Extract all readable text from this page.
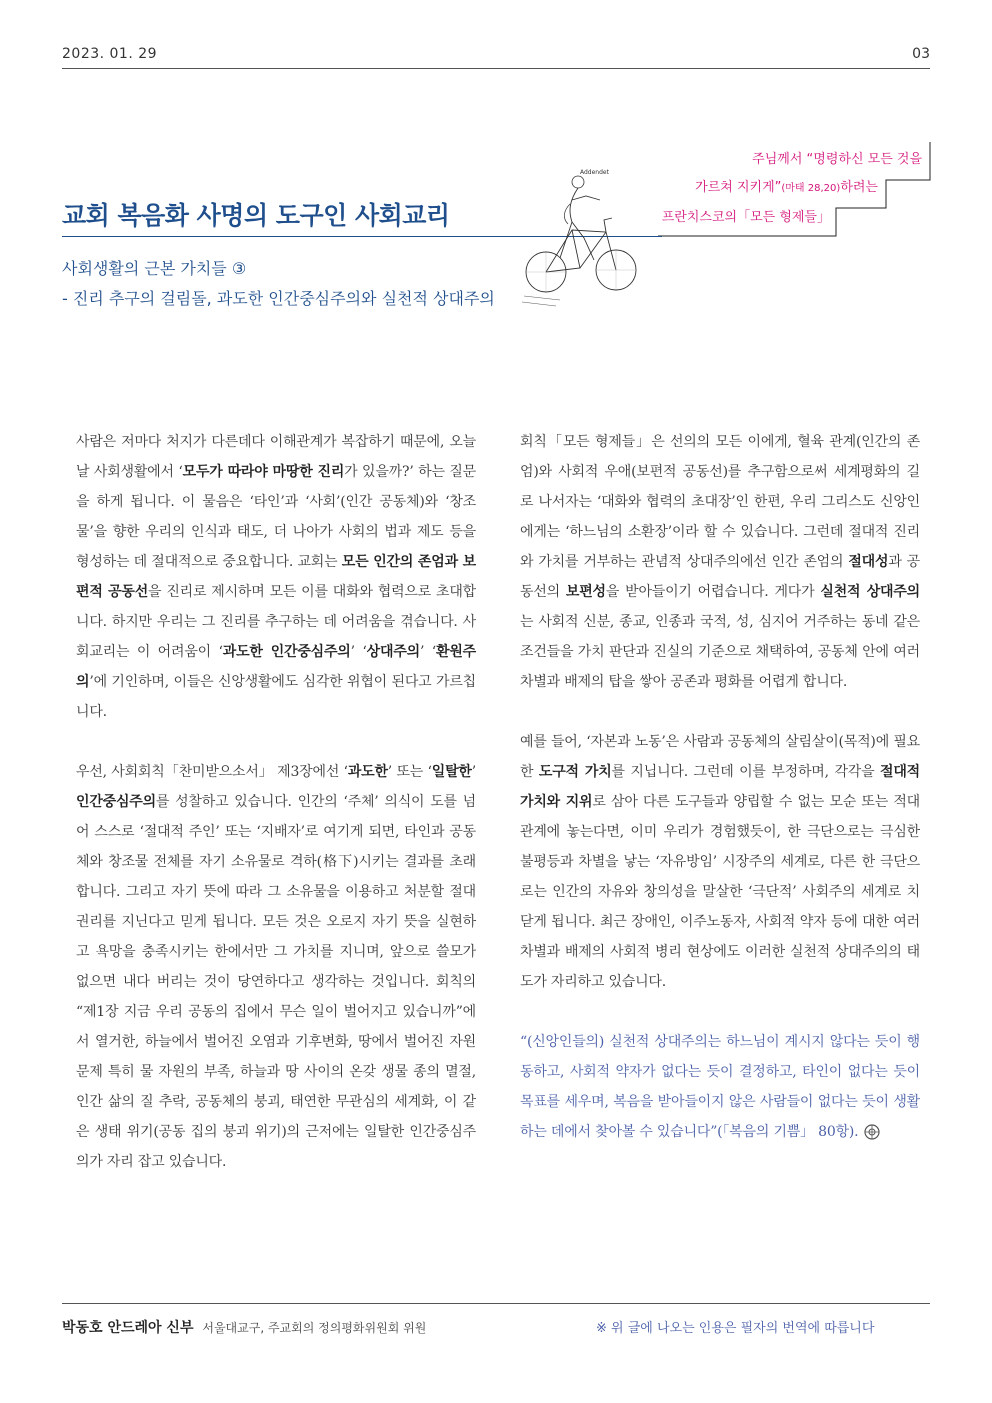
2023. 01. 29	03
주님께서 “명령하신 모든 것을
가르쳐 지키게”(마태 28,20)하려는
프란치스코의「모든 형제들」
교회 복음화 사명의 도구인 사회교리
사회생활의 근본 가치들 ③
- 진리 추구의 걸림돌, 과도한 인간중심주의와 실천적 상대주의
Addendet

사람은 저마다 처지가 다른데다 이해관계가 복잡하기 때문에, 오늘날 사회생활에서 ‘모두가 따라야 마땅한 진리가 있을까?’ 하는 질문을 하게 됩니다. 이 물음은 ‘타인’과 ‘사회’(인간 공동체)와 ‘창조물’을 향한 우리의 인식과 태도, 더 나아가 사회의 법과 제도 등을 형성하는 데 절대적으로 중요합니다. 교회는 모든 인간의 존엄과 보편적 공동선을 진리로 제시하며 모든 이를 대화와 협력으로 초대합니다. 하지만 우리는 그 진리를 추구하는 데 어려움을 겪습니다. 사회교리는 이 어려움이 ‘과도한 인간중심주의’ ‘상대주의’ ‘환원주의’에 기인하며, 이들은 신앙생활에도 심각한 위협이 된다고 가르칩니다.

우선, 사회회칙「찬미받으소서」 제3장에선 ‘과도한’ 또는 ‘일탈한’ 인간중심주의를 성찰하고 있습니다. 인간의 ‘주체’ 의식이 도를 넘어 스스로 ‘절대적 주인’ 또는 ‘지배자’로 여기게 되면, 타인과 공동체와 창조물 전체를 자기 소유물로 격하(格下)시키는 결과를 초래합니다. 그리고 자기 뜻에 따라 그 소유물을 이용하고 처분할 절대 권리를 지닌다고 믿게 됩니다. 모든 것은 오로지 자기 뜻을 실현하고 욕망을 충족시키는 한에서만 그 가치를 지니며, 앞으로 쓸모가 없으면 내다 버리는 것이 당연하다고 생각하는 것입니다. 회칙의 “제1장 지금 우리 공동의 집에서 무슨 일이 벌어지고 있습니까”에서 열거한, 하늘에서 벌어진 오염과 기후변화, 땅에서 벌어진 자원 문제 특히 물 자원의 부족, 하늘과 땅 사이의 온갖 생물 종의 멸절, 인간 삶의 질 추락, 공동체의 붕괴, 태연한 무관심의 세계화, 이 같은 생태 위기(공동 집의 붕괴 위기)의 근저에는 일탈한 인간중심주의가 자리 잡고 있습니다.

회칙「모든 형제들」은 선의의 모든 이에게, 혈육 관계(인간의 존엄)와 사회적 우애(보편적 공동선)를 추구함으로써 세계평화의 길로 나서자는 ‘대화와 협력의 초대장’인 한편, 우리 그리스도 신앙인에게는 ‘하느님의 소환장’이라 할 수 있습니다. 그런데 절대적 진리와 가치를 거부하는 관념적 상대주의에선 인간 존엄의 절대성과 공동선의 보편성을 받아들이기 어렵습니다. 게다가 실천적 상대주의는 사회적 신분, 종교, 인종과 국적, 성, 심지어 거주하는 동네 같은 조건들을 가치 판단과 진실의 기준으로 채택하여, 공동체 안에 여러 차별과 배제의 탑을 쌓아 공존과 평화를 어렵게 합니다.

예를 들어, ‘자본과 노동’은 사람과 공동체의 살림살이(목적)에 필요한 도구적 가치를 지닙니다. 그런데 이를 부정하며, 각각을 절대적 가치와 지위로 삼아 다른 도구들과 양립할 수 없는 모순 또는 적대 관계에 놓는다면, 이미 우리가 경험했듯이, 한 극단으로는 극심한 불평등과 차별을 낳는 ‘자유방임’ 시장주의 세계로, 다른 한 극단으로는 인간의 자유와 창의성을 말살한 ‘극단적’ 사회주의 세계로 치닫게 됩니다. 최근 장애인, 이주노동자, 사회적 약자 등에 대한 여러 차별과 배제의 사회적 병리 현상에도 이러한 실천적 상대주의의 태도가 자리하고 있습니다.

“(신앙인들의) 실천적 상대주의는 하느님이 계시지 않다는 듯이 행동하고, 사회적 약자가 없다는 듯이 결정하고, 타인이 없다는 듯이 목표를 세우며, 복음을 받아들이지 않은 사람들이 없다는 듯이 생활하는 데에서 찾아볼 수 있습니다”(「복음의 기쁨」 80항).

박동호 안드레아 신부 서울대교구, 주교회의 정의평화위원회 위원	※ 위 글에 나오는 인용은 필자의 번역에 따릅니다
